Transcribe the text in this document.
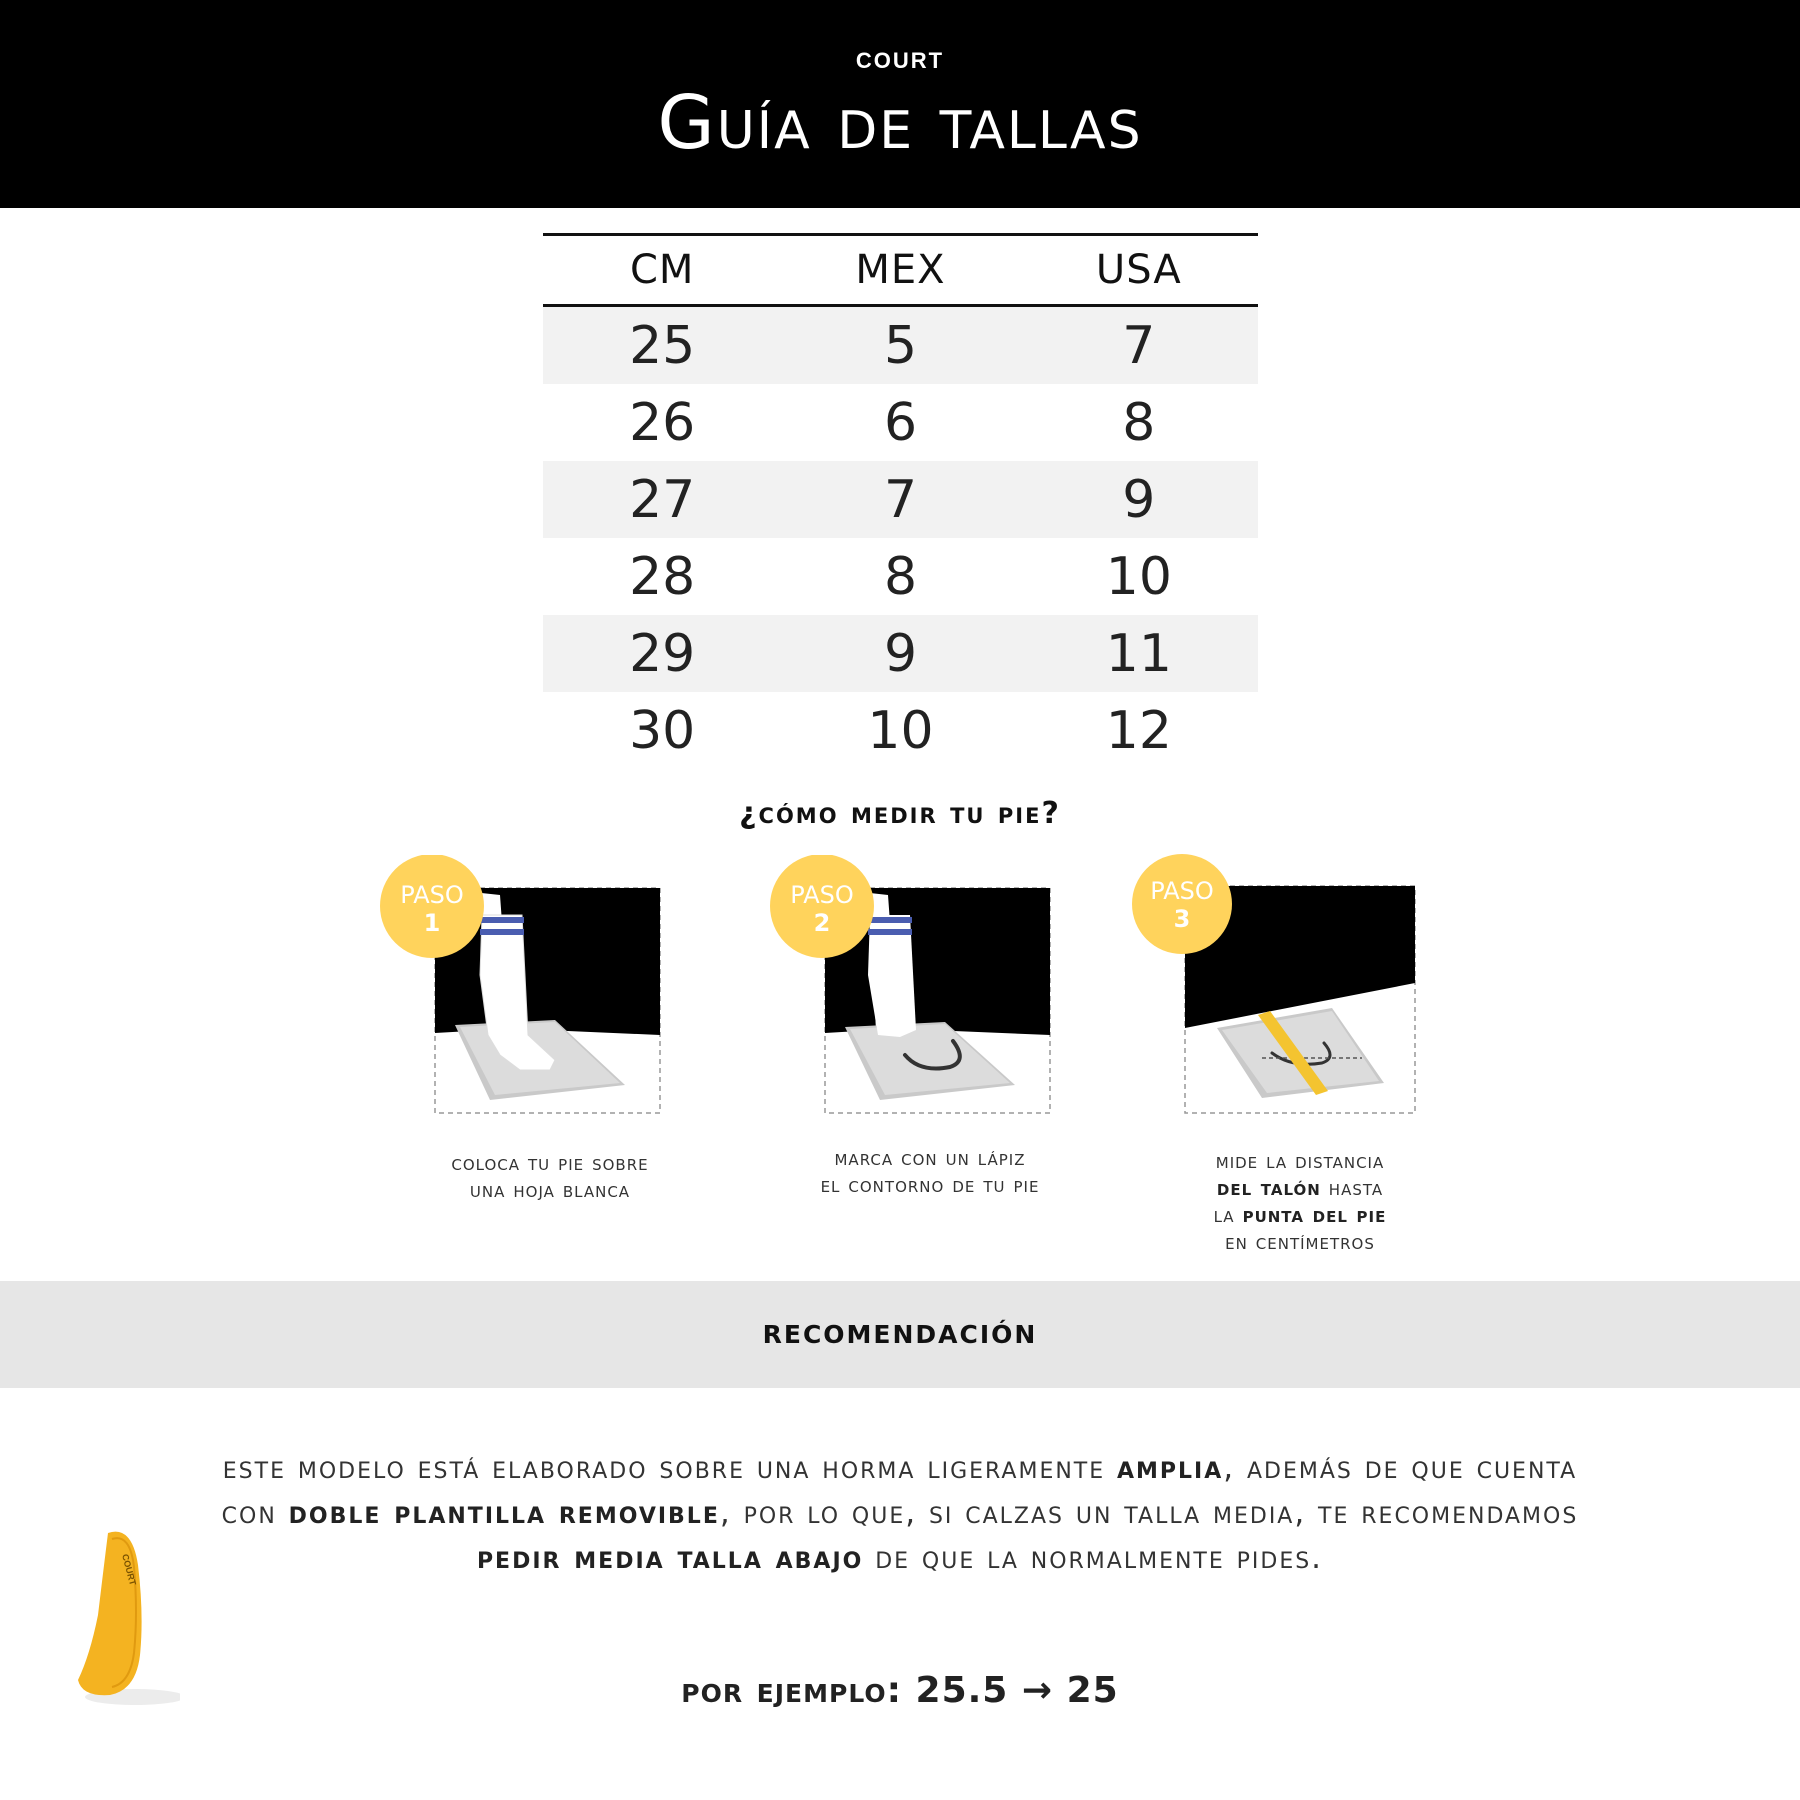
COURT
Guía de tallas
CM	MEX	USA
25	5	7
26	6	8
27	7	9
28	8	10
29	9	11
30	10	12
¿cómo medir tu pie?
PASO
1
coloca tu pie sobre
una hoja blanca
PASO
2
marca con un lápiz
el contorno de tu pie
PASO
3
mide la distancia
del talón hasta
la punta del pie
en centímetros
recomendación
este modelo está elaborado sobre una horma ligeramente amplia, además de que cuenta con doble plantilla removible, por lo que, si calzas un talla media, te recomendamos pedir media talla abajo de que la normalmente pides.
por ejemplo: 25.5 → 25
COURT
